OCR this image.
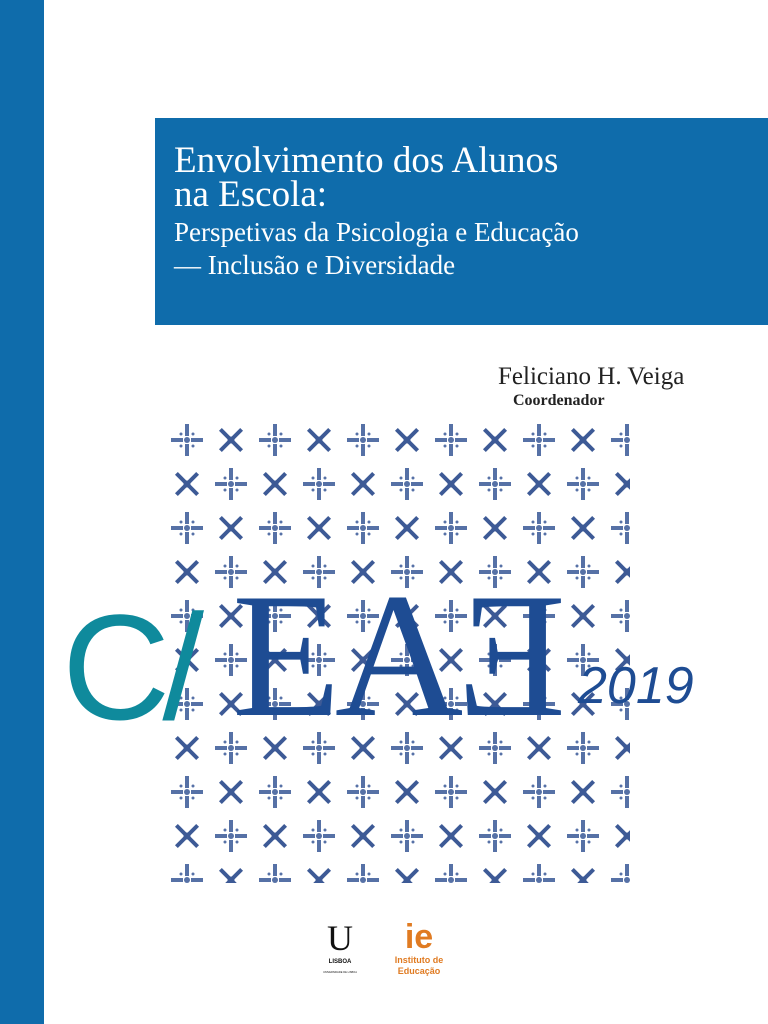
Envolvimento dos Alunos
na Escola:
Perspetivas da Psicologia e Educação
— Inclusão e Diversidade
Feliciano H. Veiga
Coordenador
C/ EAƎ 2019
U
LISBOA
UNIVERSIDADE DE LISBOA
ie
Instituto de
Educação
